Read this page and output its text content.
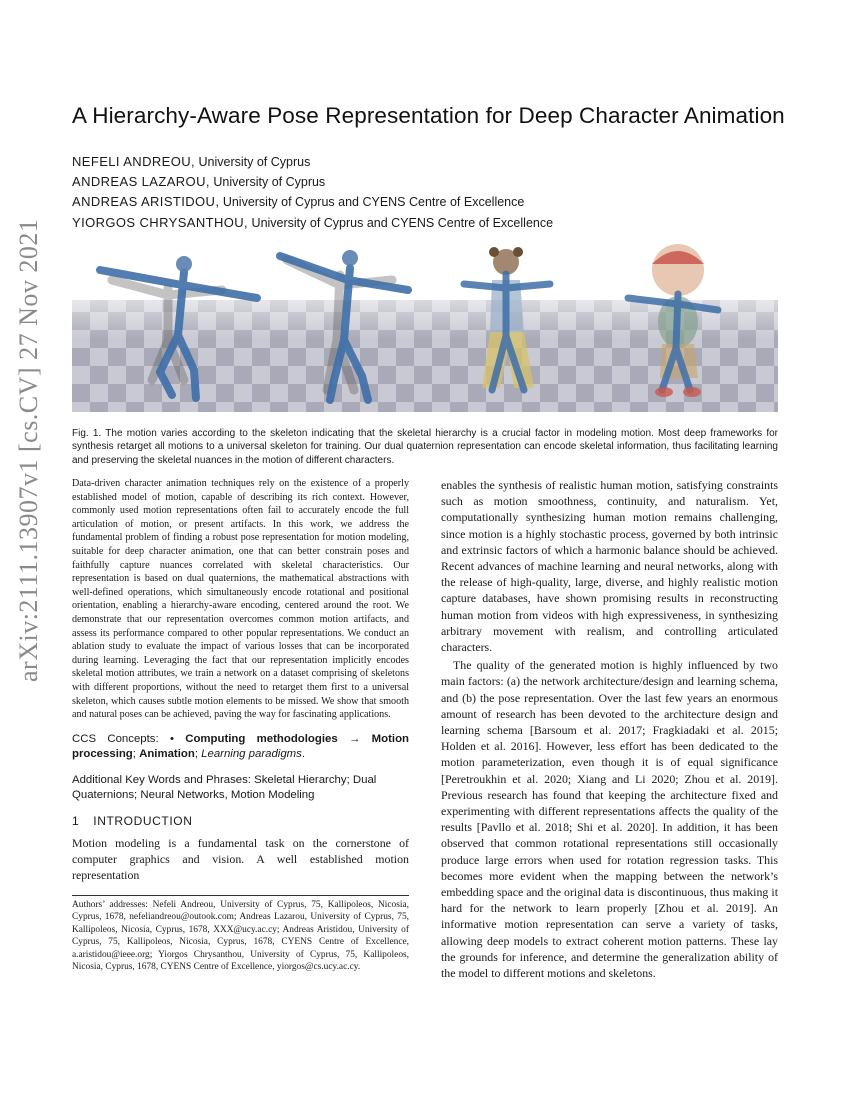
arXiv:2111.13907v1 [cs.CV] 27 Nov 2021
A Hierarchy-Aware Pose Representation for Deep Character Animation
NEFELI ANDREOU, University of Cyprus
ANDREAS LAZAROU, University of Cyprus
ANDREAS ARISTIDOU, University of Cyprus and CYENS Centre of Excellence
YIORGOS CHRYSANTHOU, University of Cyprus and CYENS Centre of Excellence
Fig. 1. The motion varies according to the skeleton indicating that the skeletal hierarchy is a crucial factor in modeling motion. Most deep frameworks for synthesis retarget all motions to a universal skeleton for training. Our dual quaternion representation can encode skeletal information, thus facilitating learning and preserving the skeletal nuances in the motion of different characters.

Data-driven character animation techniques rely on the existence of a properly established model of motion, capable of describing its rich context. However, commonly used motion representations often fail to accurately encode the full articulation of motion, or present artifacts. In this work, we address the fundamental problem of finding a robust pose representation for motion modeling, suitable for deep character animation, one that can better constrain poses and faithfully capture nuances correlated with skeletal characteristics. Our representation is based on dual quaternions, the mathematical abstractions with well-defined operations, which simultaneously encode rotational and positional orientation, enabling a hierarchy-aware encoding, centered around the root. We demonstrate that our representation overcomes common motion artifacts, and assess its performance compared to other popular representations. We conduct an ablation study to evaluate the impact of various losses that can be incorporated during learning. Leveraging the fact that our representation implicitly encodes skeletal motion attributes, we train a network on a dataset comprising of skeletons with different proportions, without the need to retarget them first to a universal skeleton, which causes subtle motion elements to be missed. We show that smooth and natural poses can be achieved, paving the way for fascinating applications.

CCS Concepts: • Computing methodologies → Motion processing; Animation; Learning paradigms.

Additional Key Words and Phrases: Skeletal Hierarchy; Dual Quaternions; Neural Networks, Motion Modeling

1 INTRODUCTION

Motion modeling is a fundamental task on the cornerstone of computer graphics and vision. A well established motion representation

Authors’ addresses: Nefeli Andreou, University of Cyprus, 75, Kallipoleos, Nicosia, Cyprus, 1678, nefeliandreou@outook.com; Andreas Lazarou, University of Cyprus, 75, Kallipoleos, Nicosia, Cyprus, 1678, XXX@ucy.ac.cy; Andreas Aristidou, University of Cyprus, 75, Kallipoleos, Nicosia, Cyprus, 1678, CYENS Centre of Excellence, a.aristidou@ieee.org; Yiorgos Chrysanthou, University of Cyprus, 75, Kallipoleos, Nicosia, Cyprus, 1678, CYENS Centre of Excellence, yiorgos@cs.ucy.ac.cy.

enables the synthesis of realistic human motion, satisfying constraints such as motion smoothness, continuity, and naturalism. Yet, computationally synthesizing human motion remains challenging, since motion is a highly stochastic process, governed by both intrinsic and extrinsic factors of which a harmonic balance should be achieved. Recent advances of machine learning and neural networks, along with the release of high-quality, large, diverse, and highly realistic motion capture databases, have shown promising results in reconstructing human motion from videos with high expressiveness, in synthesizing arbitrary movement with realism, and controlling articulated characters.

The quality of the generated motion is highly influenced by two main factors: (a) the network architecture/design and learning schema, and (b) the pose representation. Over the last few years an enormous amount of research has been devoted to the architecture design and learning schema [Barsoum et al. 2017; Fragkiadaki et al. 2015; Holden et al. 2016]. However, less effort has been dedicated to the motion parameterization, even though it is of equal significance [Peretroukhin et al. 2020; Xiang and Li 2020; Zhou et al. 2019]. Previous research has found that keeping the architecture fixed and experimenting with different representations affects the quality of the results [Pavllo et al. 2018; Shi et al. 2020]. In addition, it has been observed that common rotational representations still occasionally produce large errors when used for rotation regression tasks. This becomes more evident when the mapping between the network’s embedding space and the original data is discontinuous, thus making it hard for the network to learn properly [Zhou et al. 2019]. An informative motion representation can serve a variety of tasks, allowing deep models to extract coherent motion patterns. These lay the grounds for inference, and determine the generalization ability of the model to different motions and skeletons.
